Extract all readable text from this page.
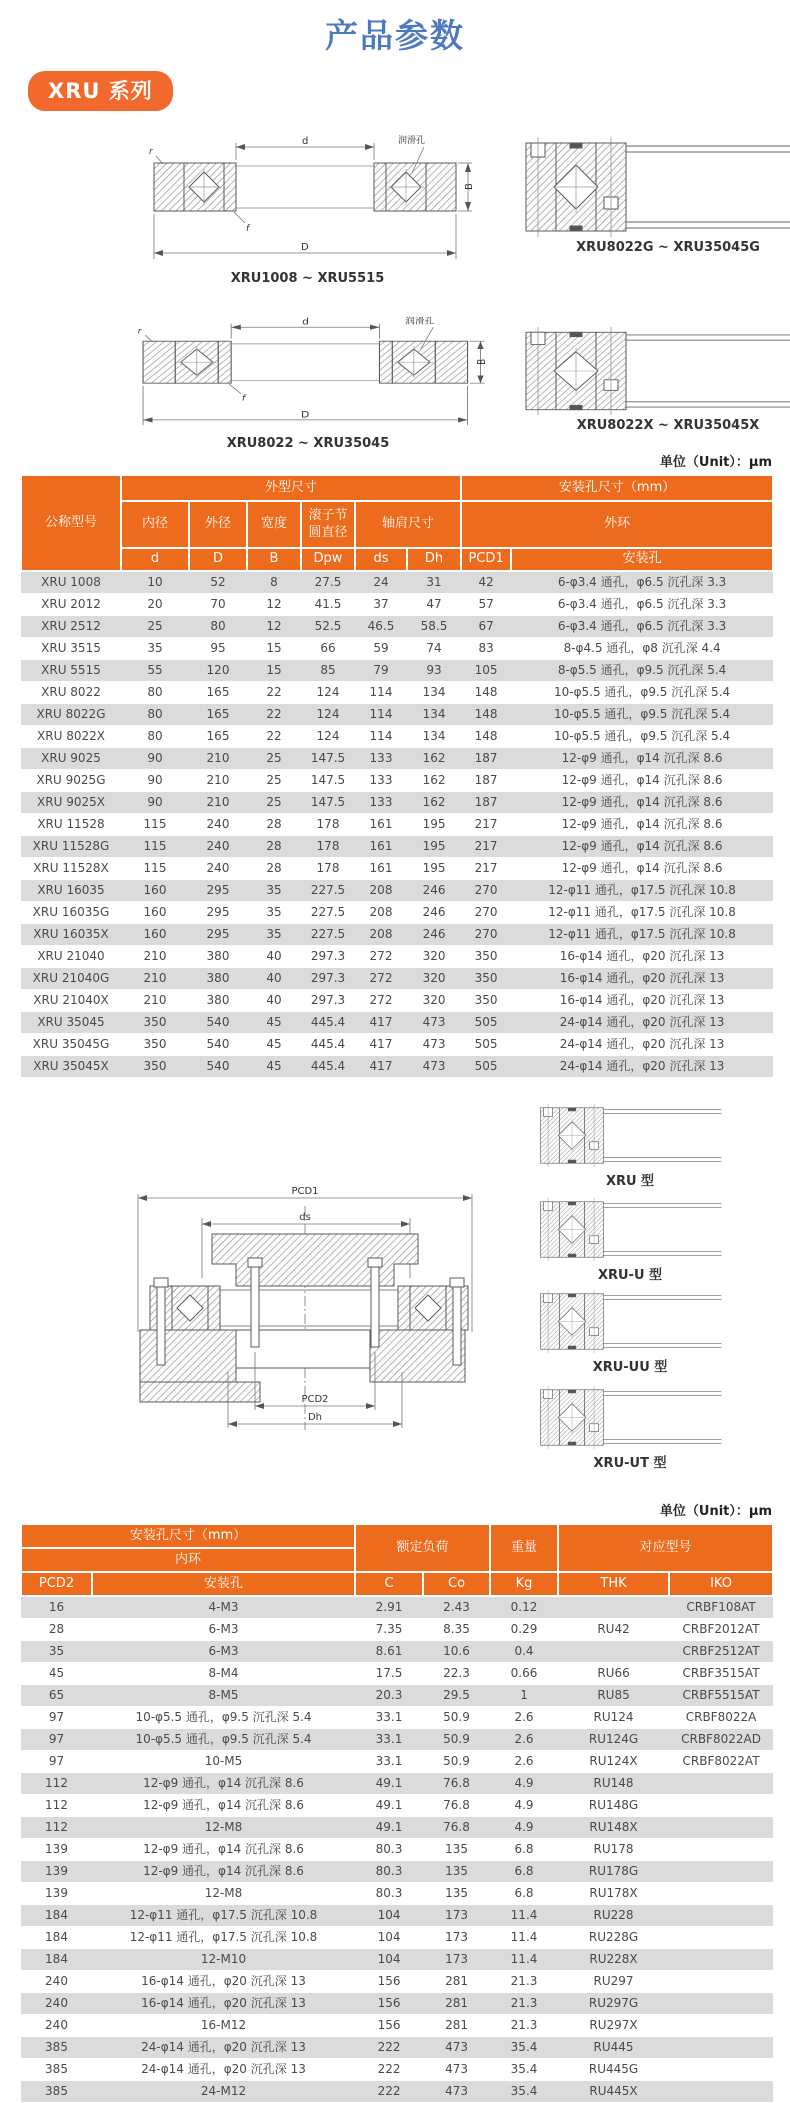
产品参数
XRU 系列
XRU1008 ~ XRU5515
XRU8022G ~ XRU35045G
XRU8022 ~ XRU35045
XRU8022X ~ XRU35045X
单位（Unit）：μm
公称型号	外型尺寸						安装孔尺寸（mm）	
	内径	外径	宽度	滚子节圆直径	轴肩尺寸		外环	
	d	D	B	Dpw	ds	Dh	PCD1	安装孔
XRU 1008	10	52	8	27.5	24	31	42	6-φ3.4 通孔，φ6.5 沉孔深 3.3
XRU 2012	20	70	12	41.5	37	47	57	6-φ3.4 通孔，φ6.5 沉孔深 3.3
XRU 2512	25	80	12	52.5	46.5	58.5	67	6-φ3.4 通孔，φ6.5 沉孔深 3.3
XRU 3515	35	95	15	66	59	74	83	8-φ4.5 通孔，φ8 沉孔深 4.4
XRU 5515	55	120	15	85	79	93	105	8-φ5.5 通孔，φ9.5 沉孔深 5.4
XRU 8022	80	165	22	124	114	134	148	10-φ5.5 通孔，φ9.5 沉孔深 5.4
XRU 8022G	80	165	22	124	114	134	148	10-φ5.5 通孔，φ9.5 沉孔深 5.4
XRU 8022X	80	165	22	124	114	134	148	10-φ5.5 通孔，φ9.5 沉孔深 5.4
XRU 9025	90	210	25	147.5	133	162	187	12-φ9 通孔，φ14 沉孔深 8.6
XRU 9025G	90	210	25	147.5	133	162	187	12-φ9 通孔，φ14 沉孔深 8.6
XRU 9025X	90	210	25	147.5	133	162	187	12-φ9 通孔，φ14 沉孔深 8.6
XRU 11528	115	240	28	178	161	195	217	12-φ9 通孔，φ14 沉孔深 8.6
XRU 11528G	115	240	28	178	161	195	217	12-φ9 通孔，φ14 沉孔深 8.6
XRU 11528X	115	240	28	178	161	195	217	12-φ9 通孔，φ14 沉孔深 8.6
XRU 16035	160	295	35	227.5	208	246	270	12-φ11 通孔，φ17.5 沉孔深 10.8
XRU 16035G	160	295	35	227.5	208	246	270	12-φ11 通孔，φ17.5 沉孔深 10.8
XRU 16035X	160	295	35	227.5	208	246	270	12-φ11 通孔，φ17.5 沉孔深 10.8
XRU 21040	210	380	40	297.3	272	320	350	16-φ14 通孔，φ20 沉孔深 13
XRU 21040G	210	380	40	297.3	272	320	350	16-φ14 通孔，φ20 沉孔深 13
XRU 21040X	210	380	40	297.3	272	320	350	16-φ14 通孔，φ20 沉孔深 13
XRU 35045	350	540	45	445.4	417	473	505	24-φ14 通孔，φ20 沉孔深 13
XRU 35045G	350	540	45	445.4	417	473	505	24-φ14 通孔，φ20 沉孔深 13
XRU 35045X	350	540	45	445.4	417	473	505	24-φ14 通孔，φ20 沉孔深 13
PCD1
ds
PCD2
Dh
XRU 型
XRU-U 型
XRU-UU 型
XRU-UT 型
单位（Unit）：μm
安装孔尺寸（mm）		额定负荷		重量	对应型号	
内环						
PCD2	安装孔	C	Co	Kg	THK	IKO
16	4-M3	2.91	2.43	0.12		CRBF108AT
28	6-M3	7.35	8.35	0.29	RU42	CRBF2012AT
35	6-M3	8.61	10.6	0.4		CRBF2512AT
45	8-M4	17.5	22.3	0.66	RU66	CRBF3515AT
65	8-M5	20.3	29.5	1	RU85	CRBF5515AT
97	10-φ5.5 通孔，φ9.5 沉孔深 5.4	33.1	50.9	2.6	RU124	CRBF8022A
97	10-φ5.5 通孔，φ9.5 沉孔深 5.4	33.1	50.9	2.6	RU124G	CRBF8022AD
97	10-M5	33.1	50.9	2.6	RU124X	CRBF8022AT
112	12-φ9 通孔，φ14 沉孔深 8.6	49.1	76.8	4.9	RU148	
112	12-φ9 通孔，φ14 沉孔深 8.6	49.1	76.8	4.9	RU148G	
112	12-M8	49.1	76.8	4.9	RU148X	
139	12-φ9 通孔，φ14 沉孔深 8.6	80.3	135	6.8	RU178	
139	12-φ9 通孔，φ14 沉孔深 8.6	80.3	135	6.8	RU178G	
139	12-M8	80.3	135	6.8	RU178X	
184	12-φ11 通孔，φ17.5 沉孔深 10.8	104	173	11.4	RU228	
184	12-φ11 通孔，φ17.5 沉孔深 10.8	104	173	11.4	RU228G	
184	12-M10	104	173	11.4	RU228X	
240	16-φ14 通孔，φ20 沉孔深 13	156	281	21.3	RU297	
240	16-φ14 通孔，φ20 沉孔深 13	156	281	21.3	RU297G	
240	16-M12	156	281	21.3	RU297X	
385	24-φ14 通孔，φ20 沉孔深 13	222	473	35.4	RU445	
385	24-φ14 通孔，φ20 沉孔深 13	222	473	35.4	RU445G	
385	24-M12	222	473	35.4	RU445X	
